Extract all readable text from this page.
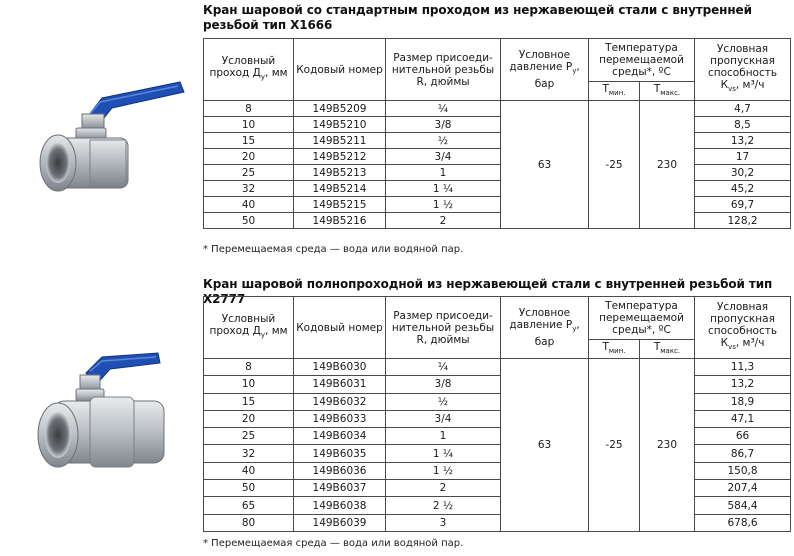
Кран шаровой со стандартным проходом из нержавеющей стали с внутренней резьбой тип Х1666
Условный проход $Д_у$, мм	Кодовый номер	Размер присоеди-нительной резьбы R, дюймы	Условное давление $Р_у$, бар	Температура перемещаемой среды*, ºС		Условная пропускная способность $К_{vs}$, м³/ч
				$Т_{мин.}$	$Т_{макс.}$
8	149B5209	¼	63	-25	230	4,7
10	149B5210	3/8				8,5
15	149B5211	½				13,2
20	149B5212	3/4				17
25	149B5213	1				30,2
32	149B5214	1 ¼				45,2
40	149B5215	1 ½				69,7
50	149B5216	2				128,2
* Перемещаемая среда — вода или водяной пар.
Кран шаровой полнопроходной из нержавеющей стали с внутренней резьбой тип Х2777
Условный проход $Д_у$, мм	Кодовый номер	Размер присоеди-нительной резьбы R, дюймы	Условное давление $Р_у$, бар	Температура перемещаемой среды*, ºС		Условная пропускная способность $К_{vs}$, м³/ч
				$Т_{мин.}$	$Т_{макс.}$
8	149B6030	¼	63	-25	230	11,3
10	149B6031	3/8				13,2
15	149B6032	½				18,9
20	149B6033	3/4				47,1
25	149B6034	1				66
32	149B6035	1 ¼				86,7
40	149B6036	1 ½				150,8
50	149B6037	2				207,4
65	149B6038	2 ½				584,4
80	149B6039	3				678,6
* Перемещаемая среда — вода или водяной пар.
